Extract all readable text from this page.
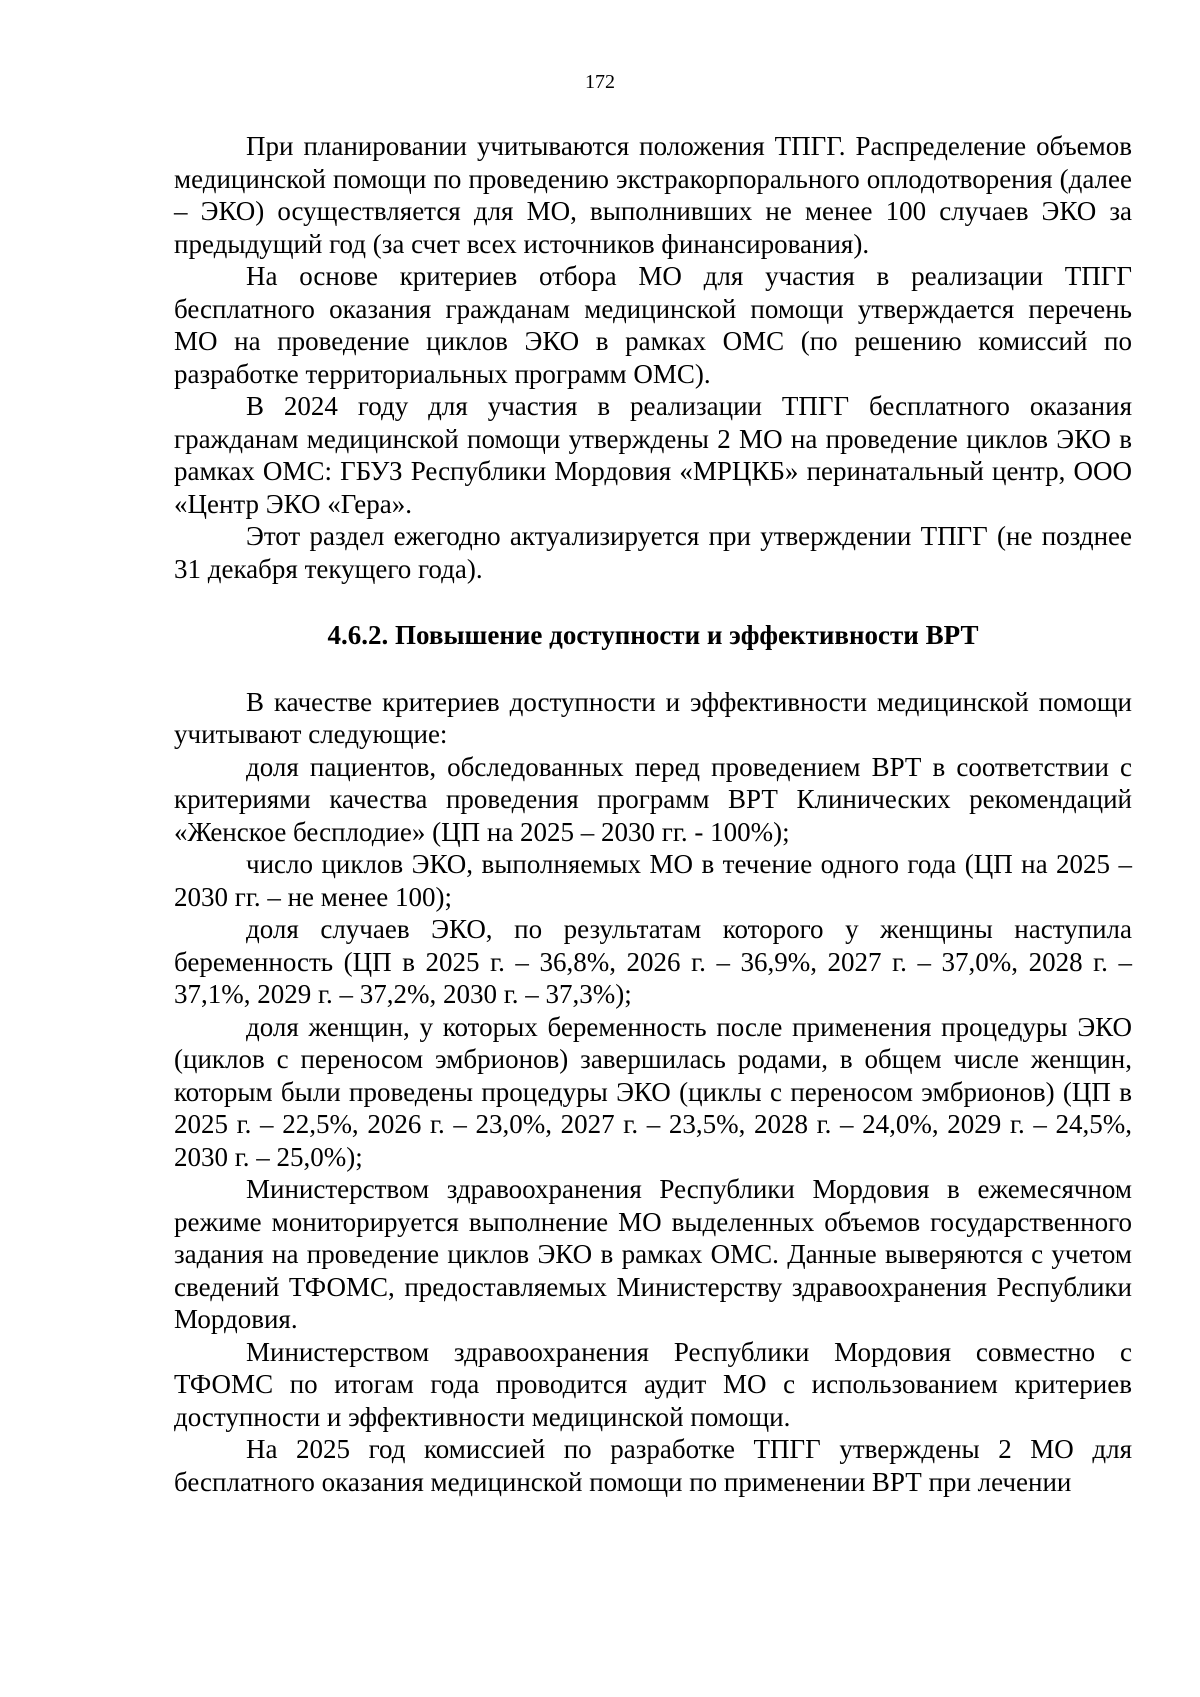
172

При планировании учитываются положения ТПГГ. Распределение объемов медицинской помощи по проведению экстракорпорального оплодотворения (далее – ЭКО) осуществляется для МО, выполнивших не менее 100 случаев ЭКО за предыдущий год (за счет всех источников финансирования).

На основе критериев отбора МО для участия в реализации ТПГГ бесплатного оказания гражданам медицинской помощи утверждается перечень МО на проведение циклов ЭКО в рамках ОМС (по решению комиссий по разработке территориальных программ ОМС).

В 2024 году для участия в реализации ТПГГ бесплатного оказания гражданам медицинской помощи утверждены 2 МО на проведение циклов ЭКО в рамках ОМС: ГБУЗ Республики Мордовия «МРЦКБ» перинатальный центр, ООО «Центр ЭКО «Гера».

Этот раздел ежегодно актуализируется при утверждении ТПГГ (не позднее 31 декабря текущего года).

4.6.2. Повышение доступности и эффективности ВРТ

В качестве критериев доступности и эффективности медицинской помощи учитывают следующие:

доля пациентов, обследованных перед проведением ВРТ в соответствии с критериями качества проведения программ ВРТ Клинических рекомендаций «Женское бесплодие» (ЦП на 2025 – 2030 гг. - 100%);

число циклов ЭКО, выполняемых МО в течение одного года (ЦП на 2025 – 2030 гг. – не менее 100);

доля случаев ЭКО, по результатам которого у женщины наступила беременность (ЦП в 2025 г. – 36,8%, 2026 г. – 36,9%, 2027 г. – 37,0%, 2028 г. – 37,1%, 2029 г. – 37,2%, 2030 г. – 37,3%);

доля женщин, у которых беременность после применения процедуры ЭКО (циклов с переносом эмбрионов) завершилась родами, в общем числе женщин, которым были проведены процедуры ЭКО (циклы с переносом эмбрионов) (ЦП в 2025 г. – 22,5%, 2026 г. – 23,0%, 2027 г. – 23,5%, 2028 г. – 24,0%, 2029 г. – 24,5%, 2030 г. – 25,0%);

Министерством здравоохранения Республики Мордовия в ежемесячном режиме мониторируется выполнение МО выделенных объемов государственного задания на проведение циклов ЭКО в рамках ОМС. Данные выверяются с учетом сведений ТФОМС, предоставляемых Министерству здравоохранения Республики Мордовия.

Министерством здравоохранения Республики Мордовия совместно с ТФОМС по итогам года проводится аудит МО с использованием критериев доступности и эффективности медицинской помощи.

На 2025 год комиссией по разработке ТПГГ утверждены 2 МО для бесплатного оказания медицинской помощи по применении ВРТ при лечении
